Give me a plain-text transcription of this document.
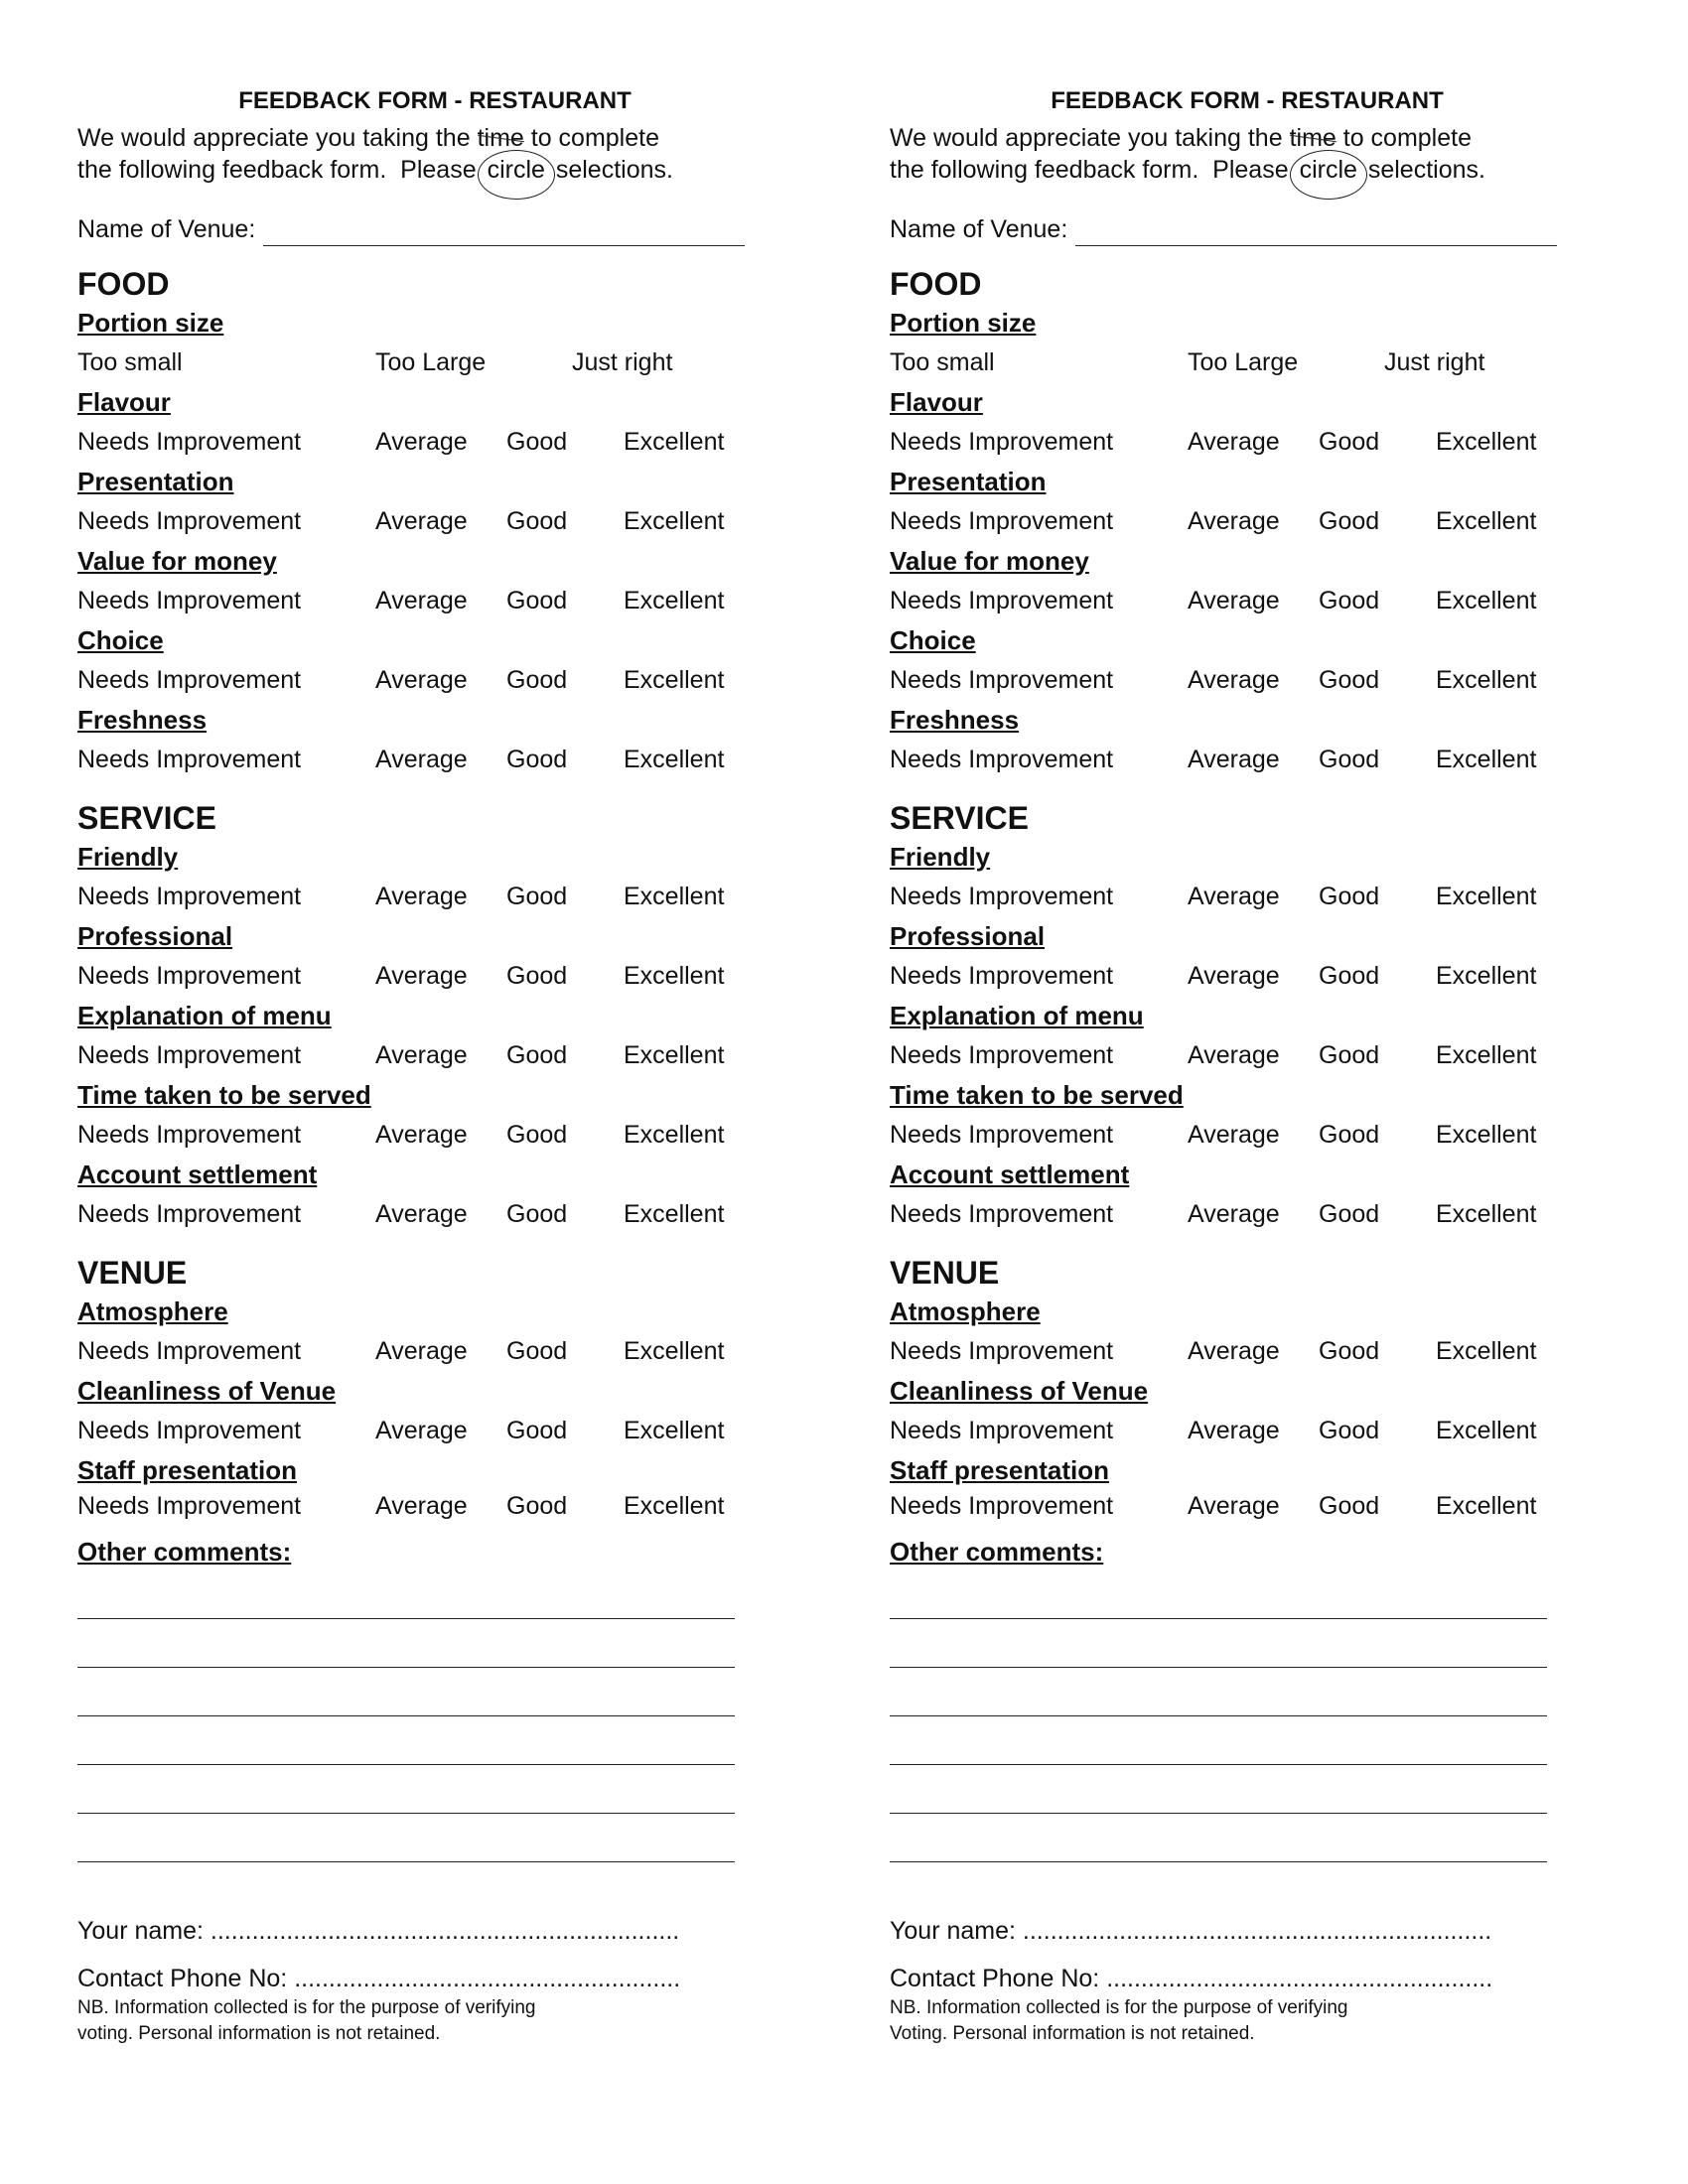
FEEDBACK FORM - RESTAURANT
We would appreciate you taking the time to complete
the following feedback form.  Please circle selections.
Name of Venue:
FOOD
Portion size
Too small	Too Large	Just right
Flavour
Needs Improvement	Average Good Excellent
Presentation
Needs Improvement	Average Good Excellent
Value for money
Needs Improvement	Average Good Excellent
Choice
Needs Improvement	Average Good Excellent
Freshness
Needs Improvement	Average Good Excellent
SERVICE
Friendly
Needs Improvement	Average Good Excellent
Professional
Needs Improvement	Average Good Excellent
Explanation of menu
Needs Improvement	Average Good Excellent
Time taken to be served
Needs Improvement	Average Good Excellent
Account settlement
Needs Improvement	Average Good Excellent
VENUE
Atmosphere
Needs Improvement	Average Good Excellent
Cleanliness of Venue
Needs Improvement	Average Good Excellent
Staff presentation
Needs Improvement	Average Good Excellent
Other comments:
Your name: ....................................................................
Contact Phone No: ........................................................
NB. Information collected is for the purpose of verifying
voting. Personal information is not retained.
FEEDBACK FORM - RESTAURANT
We would appreciate you taking the time to complete
the following feedback form.  Please circle selections.
Name of Venue:
FOOD
Portion size
Too small	Too Large	Just right
Flavour
Needs Improvement	Average Good Excellent
Presentation
Needs Improvement	Average Good Excellent
Value for money
Needs Improvement	Average Good Excellent
Choice
Needs Improvement	Average Good Excellent
Freshness
Needs Improvement	Average Good Excellent
SERVICE
Friendly
Needs Improvement	Average Good Excellent
Professional
Needs Improvement	Average Good Excellent
Explanation of menu
Needs Improvement	Average Good Excellent
Time taken to be served
Needs Improvement	Average Good Excellent
Account settlement
Needs Improvement	Average Good Excellent
VENUE
Atmosphere
Needs Improvement	Average Good Excellent
Cleanliness of Venue
Needs Improvement	Average Good Excellent
Staff presentation
Needs Improvement	Average Good Excellent
Other comments:
Your name: ....................................................................
Contact Phone No: ........................................................
NB. Information collected is for the purpose of verifying
Voting. Personal information is not retained.
